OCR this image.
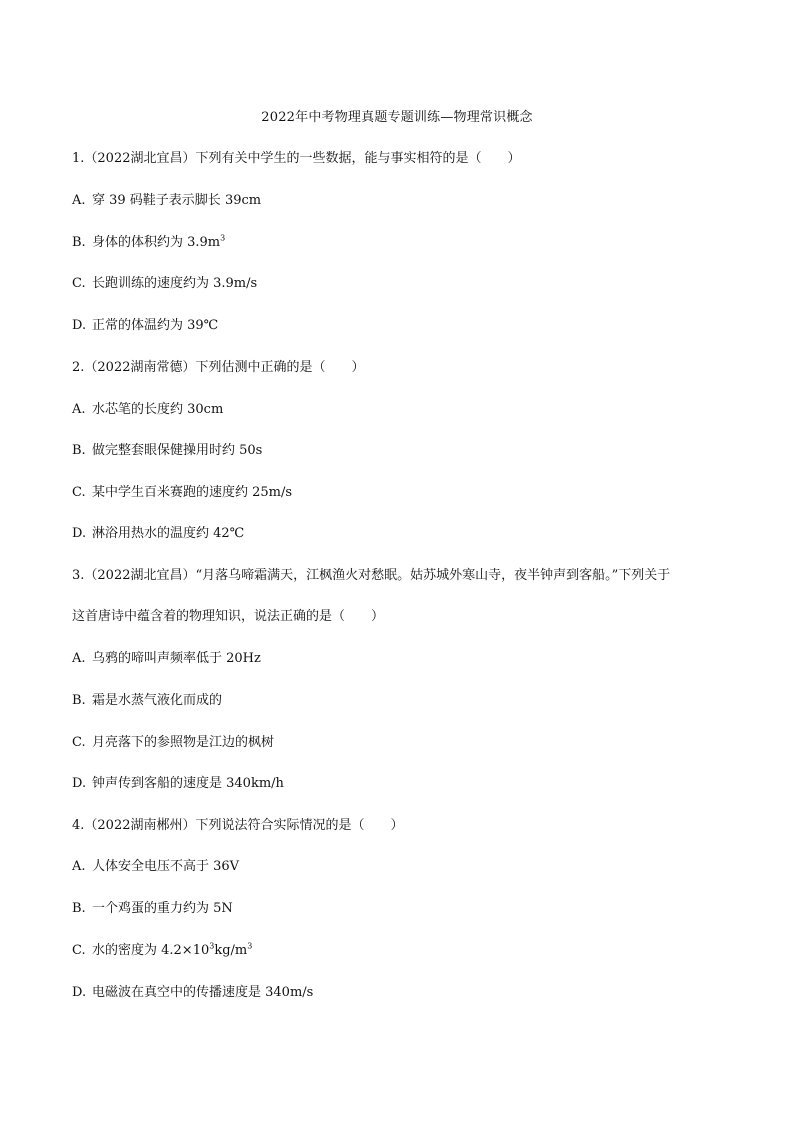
2022年中考物理真题专题训练—物理常识概念
1.（2022湖北宜昌）下列有关中学生的一些数据，能与事实相符的是（　　）
A. 穿 39 码鞋子表示脚长 39cm
B. 身体的体积约为 $3.9m^3$
C. 长跑训练的速度约为 3.9m/s
D. 正常的体温约为 39℃
2.（2022湖南常德）下列估测中正确的是（　　）
A. 水芯笔的长度约 30cm
B. 做完整套眼保健操用时约 50s
C. 某中学生百米赛跑的速度约 25m/s
D. 淋浴用热水的温度约 42℃
3.（2022湖北宜昌）“月落乌啼霜满天，江枫渔火对愁眠。姑苏城外寒山寺，夜半钟声到客船。”下列关于
这首唐诗中蕴含着的物理知识，说法正确的是（　　）
A. 乌鸦的啼叫声频率低于 20Hz
B. 霜是水蒸气液化而成的
C. 月亮落下的参照物是江边的枫树
D. 钟声传到客船的速度是 340km/h
4.（2022湖南郴州）下列说法符合实际情况的是（　　）
A. 人体安全电压不高于 36V
B. 一个鸡蛋的重力约为 5N
C. 水的密度为 $4.2\times 10^3kg/m^3$
D. 电磁波在真空中的传播速度是 340m/s
